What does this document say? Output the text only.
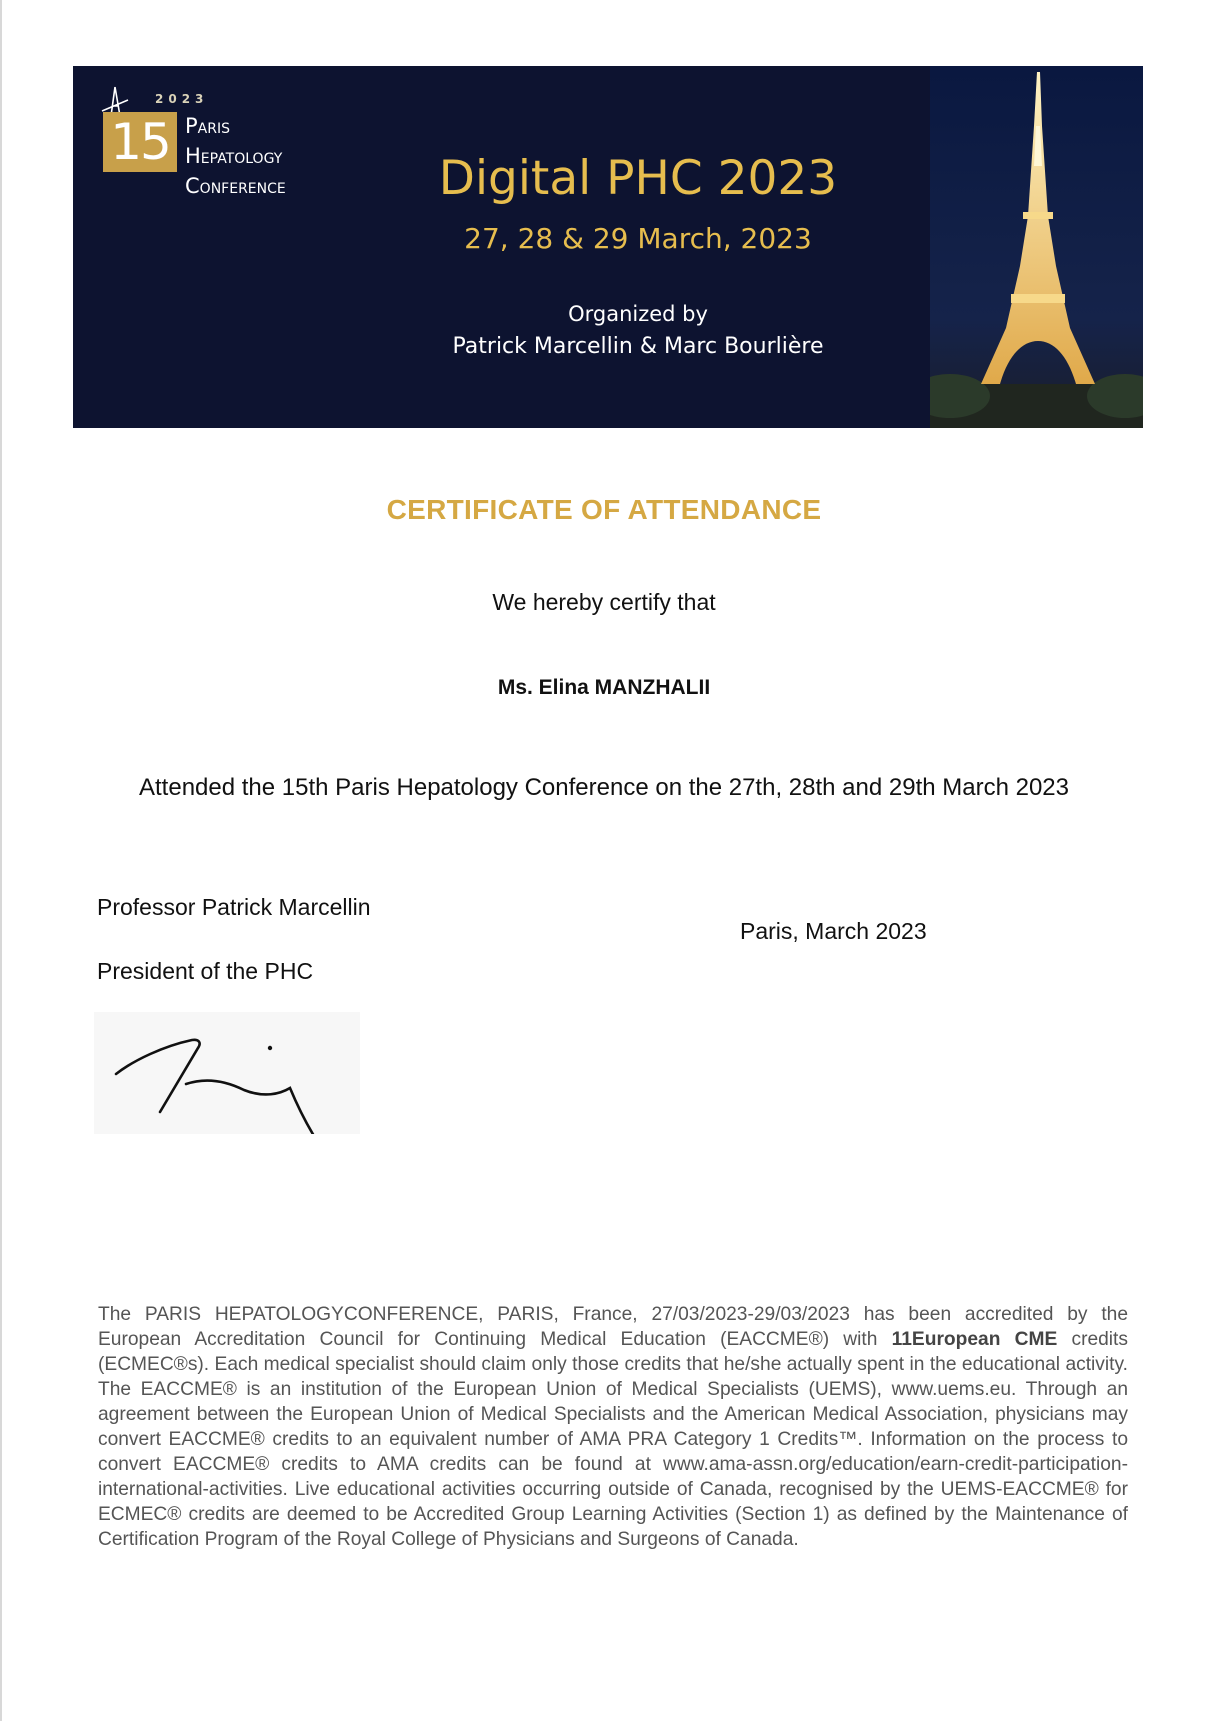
2023
15 PARIS
HEPATOLOGY
CONFERENCE	Digital PHC 2023
27, 28 & 29 March, 2023
Organized by
Patrick Marcellin & Marc Bourlière
CERTIFICATE OF ATTENDANCE
We hereby certify that
Ms. Elina MANZHALII
Attended the 15th Paris Hepatology Conference on the 27th, 28th and 29th March 2023
Professor Patrick Marcellin
President of the PHC
Paris, March 2023
The PARIS HEPATOLOGYCONFERENCE, PARIS, France, 27/03/2023-29/03/2023 has been accredited by the European Accreditation Council for Continuing Medical Education (EACCME®) with 11European CME credits (ECMEC®s). Each medical specialist should claim only those credits that he/she actually spent in the educational activity. The EACCME® is an institution of the European Union of Medical Specialists (UEMS), www.uems.eu. Through an agreement between the European Union of Medical Specialists and the American Medical Association, physicians may convert EACCME® credits to an equivalent number of AMA PRA Category 1 Credits™. Information on the process to convert EACCME® credits to AMA credits can be found at www.ama-assn.org/education/earn-credit-participation-international-activities. Live educational activities occurring outside of Canada, recognised by the UEMS-EACCME® for ECMEC® credits are deemed to be Accredited Group Learning Activities (Section 1) as defined by the Maintenance of Certification Program of the Royal College of Physicians and Surgeons of Canada.
